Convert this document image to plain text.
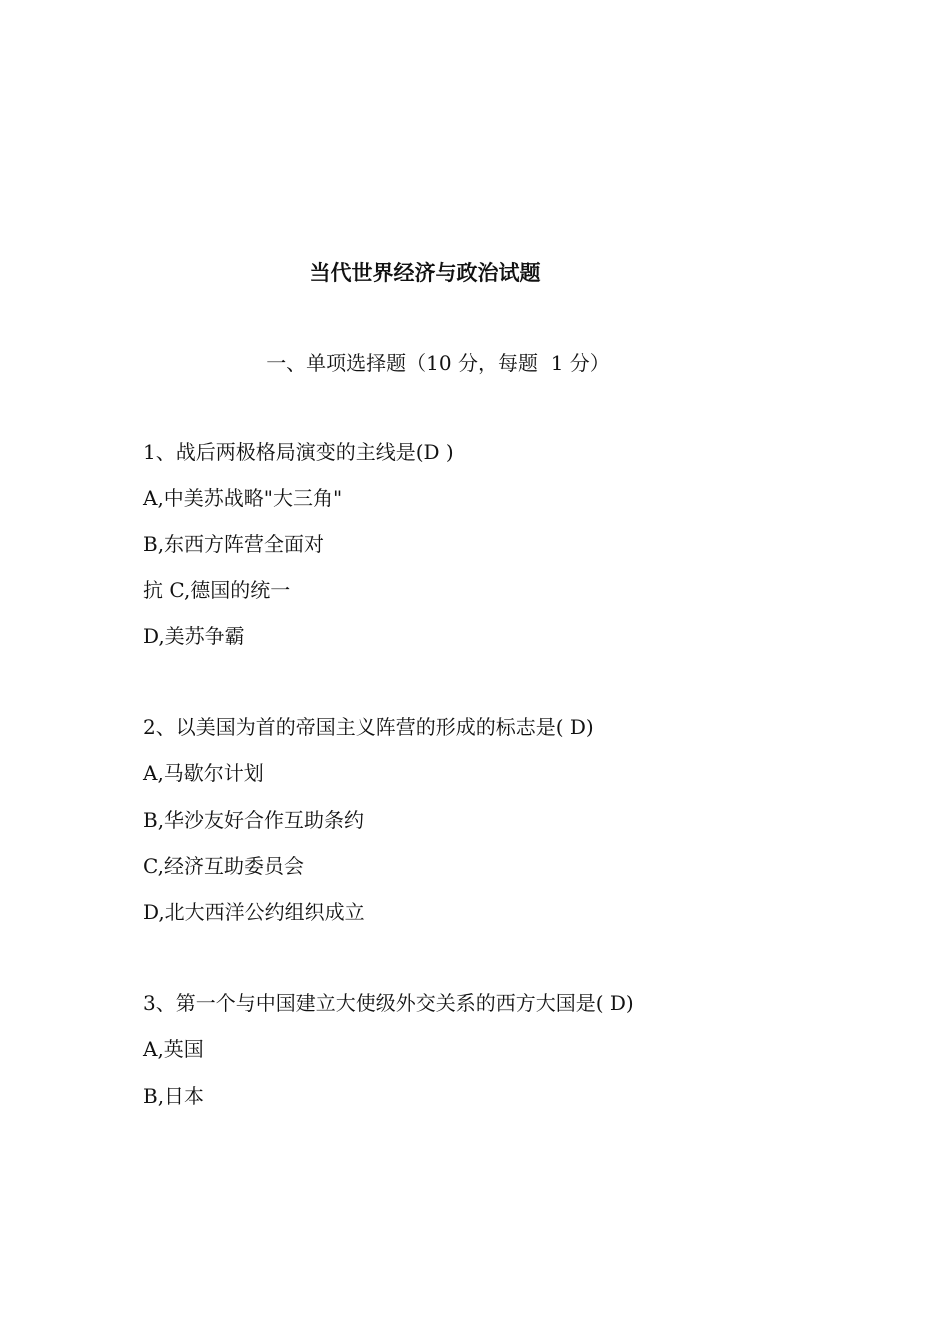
当代世界经济与政治试题
一、单项选择题（10 分，每题  1 分）
1、战后两极格局演变的主线是(D )
A,中美苏战略"大三角"
B,东西方阵营全面对
抗 C,德国的统一
D,美苏争霸
2、以美国为首的帝国主义阵营的形成的标志是( D)
A,马歇尔计划
B,华沙友好合作互助条约
C,经济互助委员会
D,北大西洋公约组织成立
3、第一个与中国建立大使级外交关系的西方大国是( D)
A,英国
B,日本
